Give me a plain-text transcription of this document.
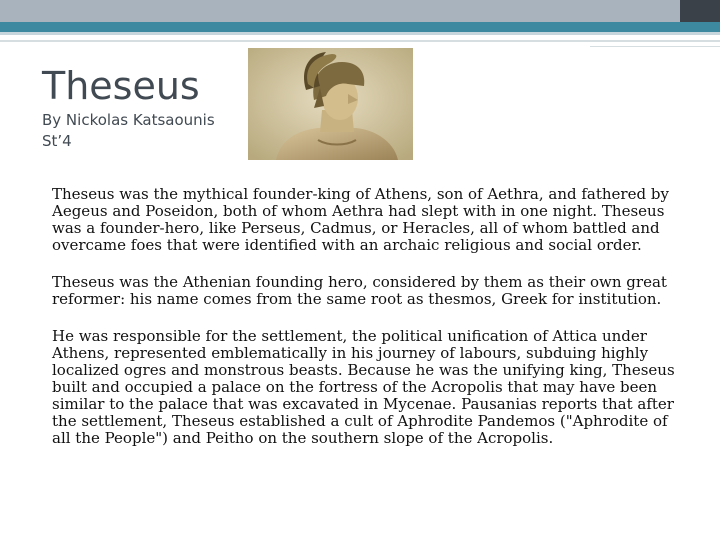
Theseus
By Nickolas Katsaounis
St’4

Theseus was the mythical founder-king of Athens, son of Aethra, and fathered by Aegeus and Poseidon, both of whom Aethra had slept with in one night. Theseus was a founder-hero, like Perseus, Cadmus, or Heracles, all of whom battled and overcame foes that were identified with an archaic religious and social order.

Theseus was the Athenian founding hero, considered by them as their own great reformer: his name comes from the same root as thesmos, Greek for institution.

He was responsible for the settlement, the political unification of Attica under Athens, represented emblematically in his journey of labours, subduing highly localized ogres and monstrous beasts. Because he was the unifying king, Theseus built and occupied a palace on the fortress of the Acropolis that may have been similar to the palace that was excavated in Mycenae. Pausanias reports that after the settlement, Theseus established a cult of Aphrodite Pandemos ("Aphrodite of all the People") and Peitho on the southern slope of the Acropolis.
